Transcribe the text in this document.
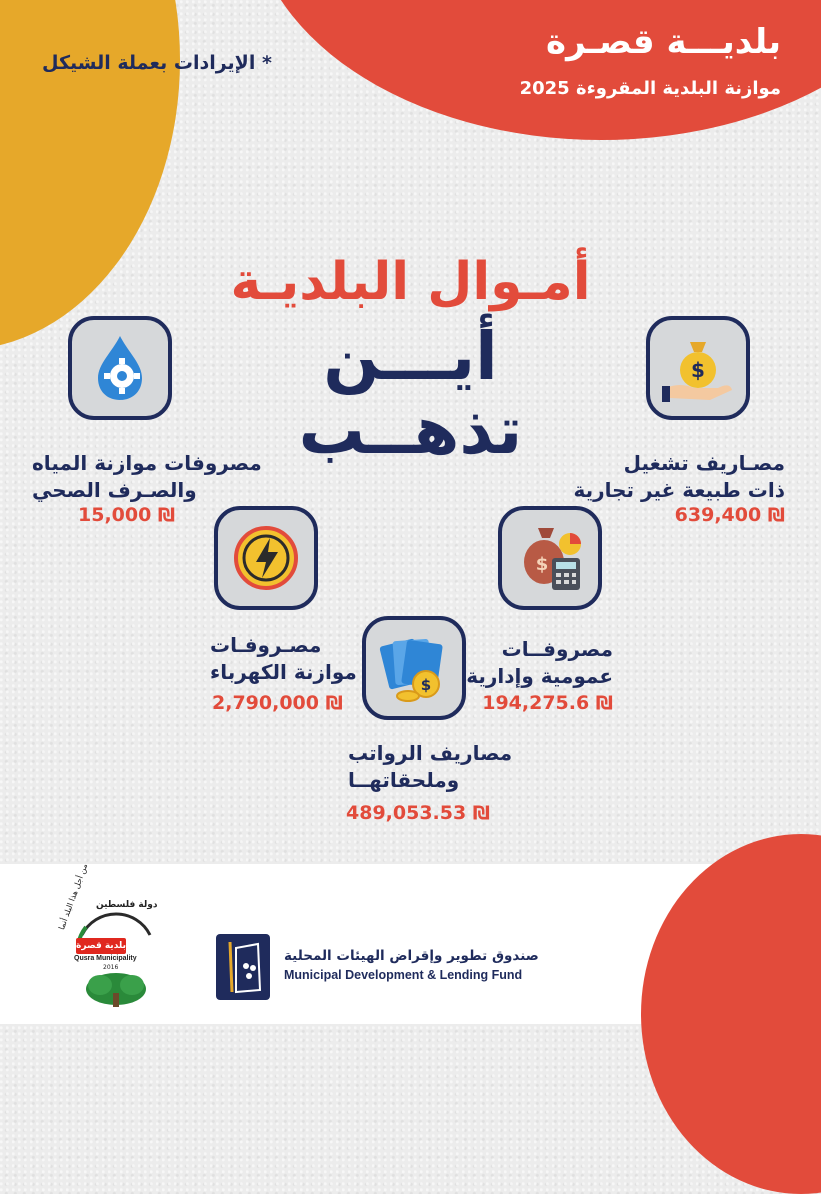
بلديـــة قصـرة
موازنة البلدية المقروءة 2025
* الإيرادات بعملة الشيكل
أمـوال البلديـة
أيـــن
تذهــب
$
مصـاريف تشغيل
ذات طبيعة غير تجارية
639,400 ₪
مصروفات موازنة المياه
والصـرف الصحي
15,000 ₪
$
مصروفــات
عمومية وإدارية
194,275.6 ₪
مصـروفـات
موازنة الكهرباء
2,790,000 ₪
$
مصاريف الرواتب
وملحقاتهــا
489,053.53 ₪
صندوق تطوير وإقراض الهيئات المحلية
Municipal Development & Lending Fund
دولة فلسطين
من أجل هذا البلد أنما
بلدية قصرة
Qusra Municipality
2016
